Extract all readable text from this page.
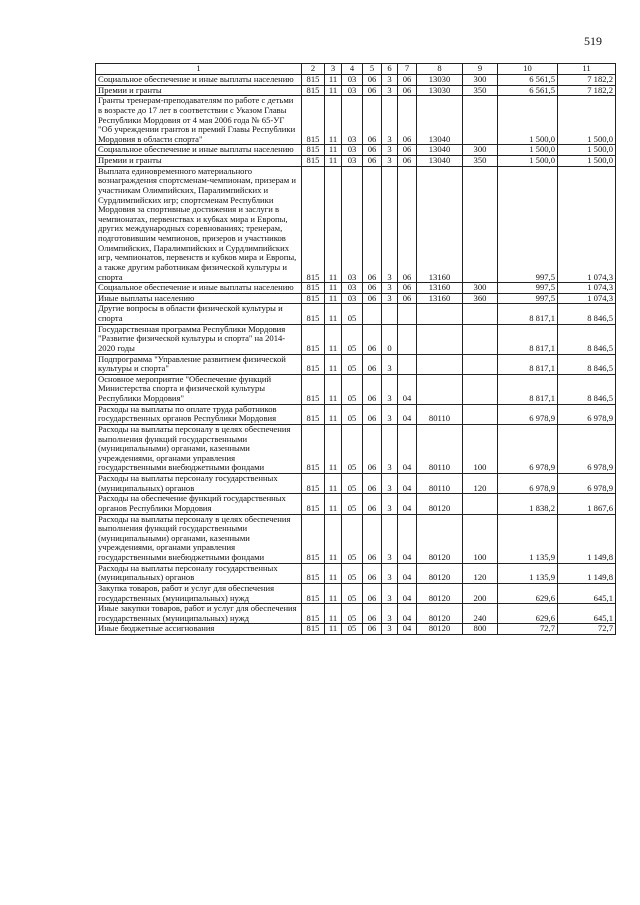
519
1	2	3	4	5	6	7	8	9	10	11
Социальное обеспечение и иные выплаты населению	815	11	03	06	3	06	13030	300	6 561,5	7 182,2
Премии и гранты	815	11	03	06	3	06	13030	350	6 561,5	7 182,2
Гранты тренерам-преподавателям по работе с детьми в возрасте до 17 лет в соответствии с Указом Главы Республики Мордовия от 4 мая 2006 года № 65-УГ "Об учреждении грантов и премий Главы Республики Мордовия в области спорта"	815	11	03	06	3	06	13040		1 500,0	1 500,0
Социальное обеспечение и иные выплаты населению	815	11	03	06	3	06	13040	300	1 500,0	1 500,0
Премии и гранты	815	11	03	06	3	06	13040	350	1 500,0	1 500,0
Выплата единовременного материального вознаграждения спортсменам-чемпионам, призерам и участникам Олимпийских, Паралимпийских и Сурдлимпийских игр; спортсменам Республики Мордовия за спортивные достижения и заслуги в чемпионатах, первенствах и кубках мира и Европы, других международных соревнованиях; тренерам, подготовившим чемпионов, призеров и участников Олимпийских, Паралимпийских и Сурдлимпийских игр, чемпионатов, первенств и кубков мира и Европы, а также другим работникам физической культуры и спорта	815	11	03	06	3	06	13160		997,5	1 074,3
Социальное обеспечение и иные выплаты населению	815	11	03	06	3	06	13160	300	997,5	1 074,3
Иные выплаты населению	815	11	03	06	3	06	13160	360	997,5	1 074,3
Другие вопросы в области физической культуры и спорта	815	11	05						8 817,1	8 846,5
Государственная программа Республики Мордовия "Развитие физической культуры и спорта" на 2014-2020 годы	815	11	05	06	0				8 817,1	8 846,5
Подпрограмма "Управление развитием физической культуры и спорта"	815	11	05	06	3				8 817,1	8 846,5
Основное мероприятие "Обеспечение функций Министерства спорта и физической культуры Республики Мордовия"	815	11	05	06	3	04			8 817,1	8 846,5
Расходы на выплаты по оплате труда работников государственных органов Республики Мордовия	815	11	05	06	3	04	80110		6 978,9	6 978,9
Расходы на выплаты персоналу в целях обеспечения выполнения функций государственными (муниципальными) органами, казенными учреждениями, органами управления государственными внебюджетными фондами	815	11	05	06	3	04	80110	100	6 978,9	6 978,9
Расходы на выплаты персоналу государственных (муниципальных) органов	815	11	05	06	3	04	80110	120	6 978,9	6 978,9
Расходы на обеспечение функций государственных органов Республики Мордовия	815	11	05	06	3	04	80120		1 838,2	1 867,6
Расходы на выплаты персоналу в целях обеспечения выполнения функций государственными (муниципальными) органами, казенными учреждениями, органами управления государственными внебюджетными фондами	815	11	05	06	3	04	80120	100	1 135,9	1 149,8
Расходы на выплаты персоналу государственных (муниципальных) органов	815	11	05	06	3	04	80120	120	1 135,9	1 149,8
Закупка товаров, работ и услуг для обеспечения государственных (муниципальных) нужд	815	11	05	06	3	04	80120	200	629,6	645,1
Иные закупки товаров, работ и услуг для обеспечения государственных (муниципальных) нужд	815	11	05	06	3	04	80120	240	629,6	645,1
Иные бюджетные ассигнования	815	11	05	06	3	04	80120	800	72,7	72,7
